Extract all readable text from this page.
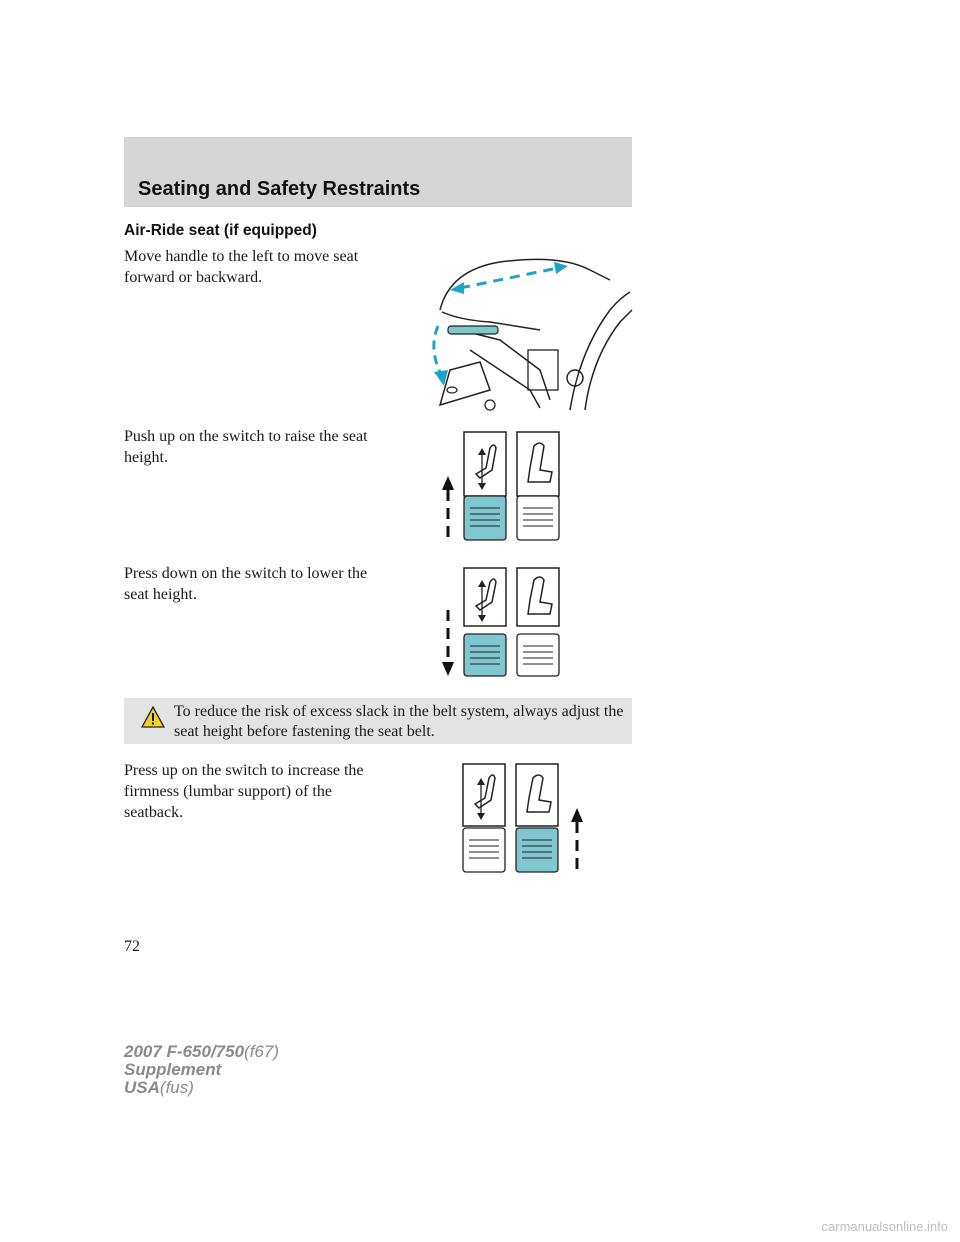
Seating and Safety Restraints
Air-Ride seat (if equipped)
Move handle to the left to move seat forward or backward.
Push up on the switch to raise the seat height.
Press down on the switch to lower the seat height.
To reduce the risk of excess slack in the belt system, always adjust the seat height before fastening the seat belt.
Press up on the switch to increase the firmness (lumbar support) of the seatback.
72
2007 F-650/750(f67)
Supplement
USA(fus)
carmanualsonline.info
